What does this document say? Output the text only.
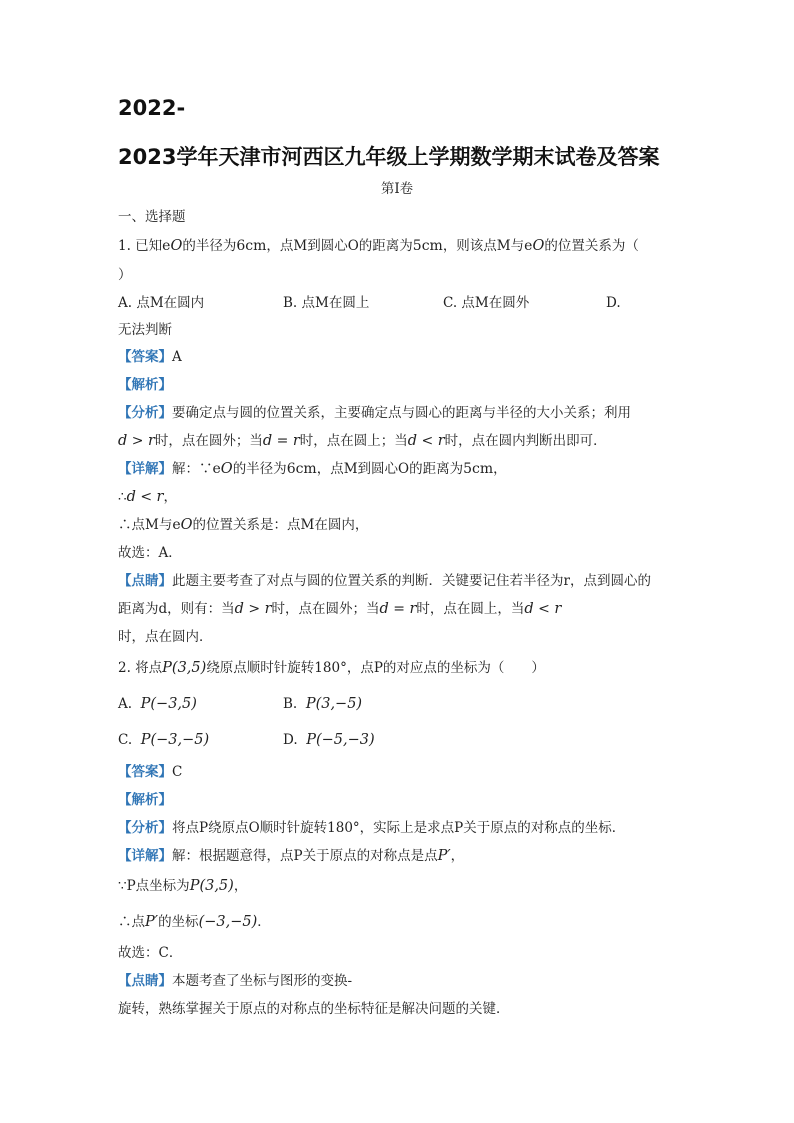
2022-
2023学年天津市河西区九年级上学期数学期末试卷及答案
第Ⅰ卷
一、选择题
1. 已知eO的半径为6cm，点M到圆心O的距离为5cm，则该点M与eO的位置关系为（
）
A. 点M在圆内	B. 点M在圆上	C. 点M在圆外	D.
无法判断
【答案】A
【解析】
【分析】要确定点与圆的位置关系，主要确定点与圆心的距离与半径的大小关系；利用
d > r时，点在圆外；当d = r时，点在圆上；当d < r时，点在圆内判断出即可．
【详解】解：∵eO的半径为6cm，点M到圆心O的距离为5cm，
∴d < r，
∴点M与eO的位置关系是：点M在圆内，
故选：A．
【点睛】此题主要考查了对点与圆的位置关系的判断．关键要记住若半径为r，点到圆心的
距离为d，则有：当d > r时，点在圆外；当d = r时，点在圆上，当d < r
时，点在圆内．
2. 将点P(3,5)绕原点顺时针旋转180°，点P的对应点的坐标为（　　）
A. P(−3,5)	B. P(3,−5)
C. P(−3,−5)	D. P(−5,−3)
【答案】C
【解析】
【分析】将点P绕原点O顺时针旋转180°，实际上是求点P关于原点的对称点的坐标．
【详解】解：根据题意得，点P关于原点的对称点是点P′，
∵P点坐标为P(3,5)，
∴点P′的坐标(−3,−5)．
故选：C．
【点睛】本题考查了坐标与图形的变换-
旋转，熟练掌握关于原点的对称点的坐标特征是解决问题的关键．
